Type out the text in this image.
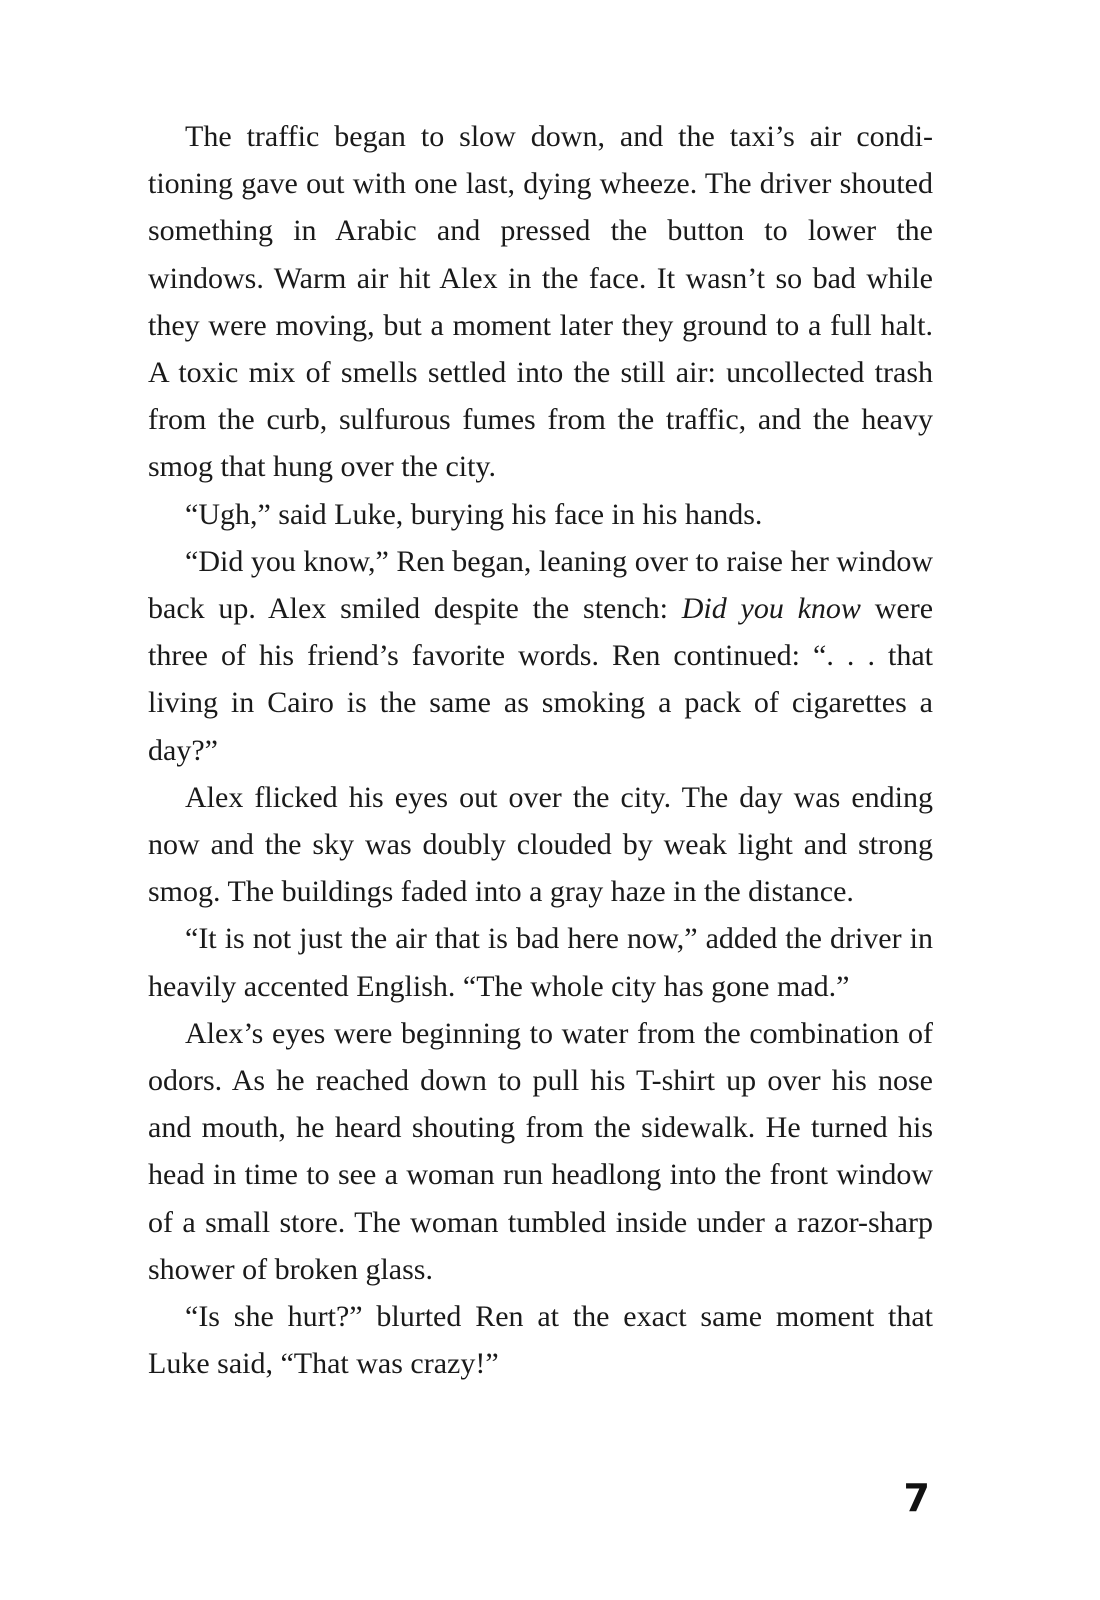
The traffic began to slow down, and the taxi’s air conditioning gave out with one last, dying wheeze. The driver shouted something in Arabic and pressed the button to lower the windows. Warm air hit Alex in the face. It wasn’t so bad while they were moving, but a moment later they ground to a full halt. A toxic mix of smells settled into the still air: uncollected trash from the curb, sulfurous fumes from the traffic, and the heavy smog that hung over the city.

“Ugh,” said Luke, burying his face in his hands.

“Did you know,” Ren began, leaning over to raise her window back up. Alex smiled despite the stench: Did you know were three of his friend’s favorite words. Ren continued: “. . . that living in Cairo is the same as smoking a pack of cigarettes a day?”

Alex flicked his eyes out over the city. The day was ending now and the sky was doubly clouded by weak light and strong smog. The buildings faded into a gray haze in the distance.

“It is not just the air that is bad here now,” added the driver in heavily accented English. “The whole city has gone mad.”

Alex’s eyes were beginning to water from the combination of odors. As he reached down to pull his T-shirt up over his nose and mouth, he heard shouting from the sidewalk. He turned his head in time to see a woman run headlong into the front window of a small store. The woman tumbled inside under a razor-sharp shower of broken glass.

“Is she hurt?” blurted Ren at the exact same moment that Luke said, “That was crazy!”

7
